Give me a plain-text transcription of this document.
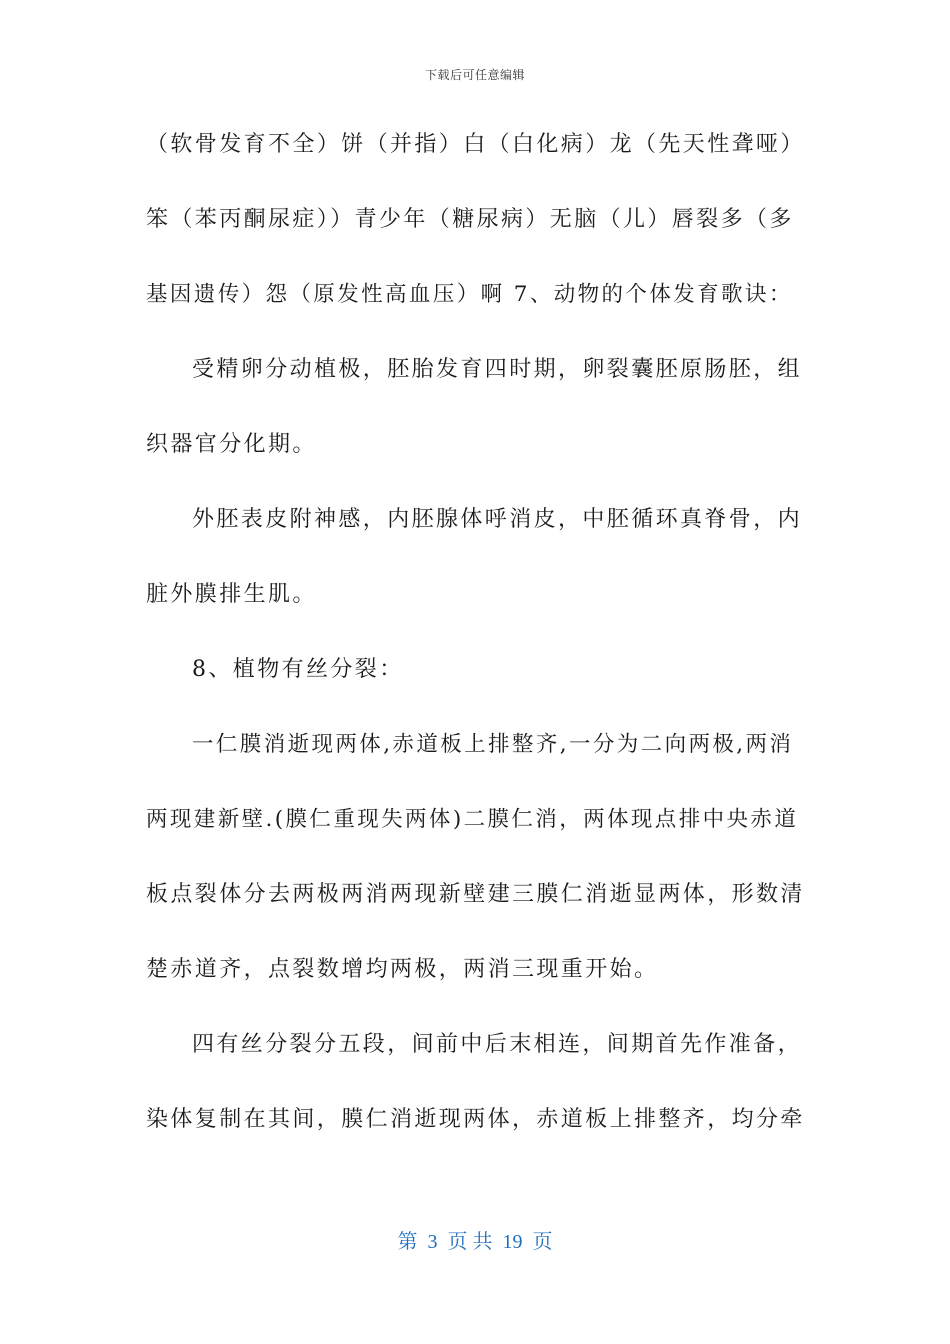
下载后可任意编辑
（软骨发育不全）饼（并指）白（白化病）龙（先天性聋哑）
笨（苯丙酮尿症））青少年（糖尿病）无脑（儿）唇裂多（多
基因遗传）怨（原发性高血压）啊 7、动物的个体发育歌诀：
受精卵分动植极，胚胎发育四时期，卵裂囊胚原肠胚，组
织器官分化期。
外胚表皮附神感，内胚腺体呼消皮，中胚循环真脊骨，内
脏外膜排生肌。
8、植物有丝分裂：
一仁膜消逝现两体,赤道板上排整齐,一分为二向两极,两消
两现建新壁.(膜仁重现失两体)二膜仁消，两体现点排中央赤道
板点裂体分去两极两消两现新壁建三膜仁消逝显两体，形数清
楚赤道齐，点裂数增均两极，两消三现重开始。
四有丝分裂分五段，间前中后末相连，间期首先作准备，
染体复制在其间，膜仁消逝现两体，赤道板上排整齐，均分牵
第  3  页 共  19  页
